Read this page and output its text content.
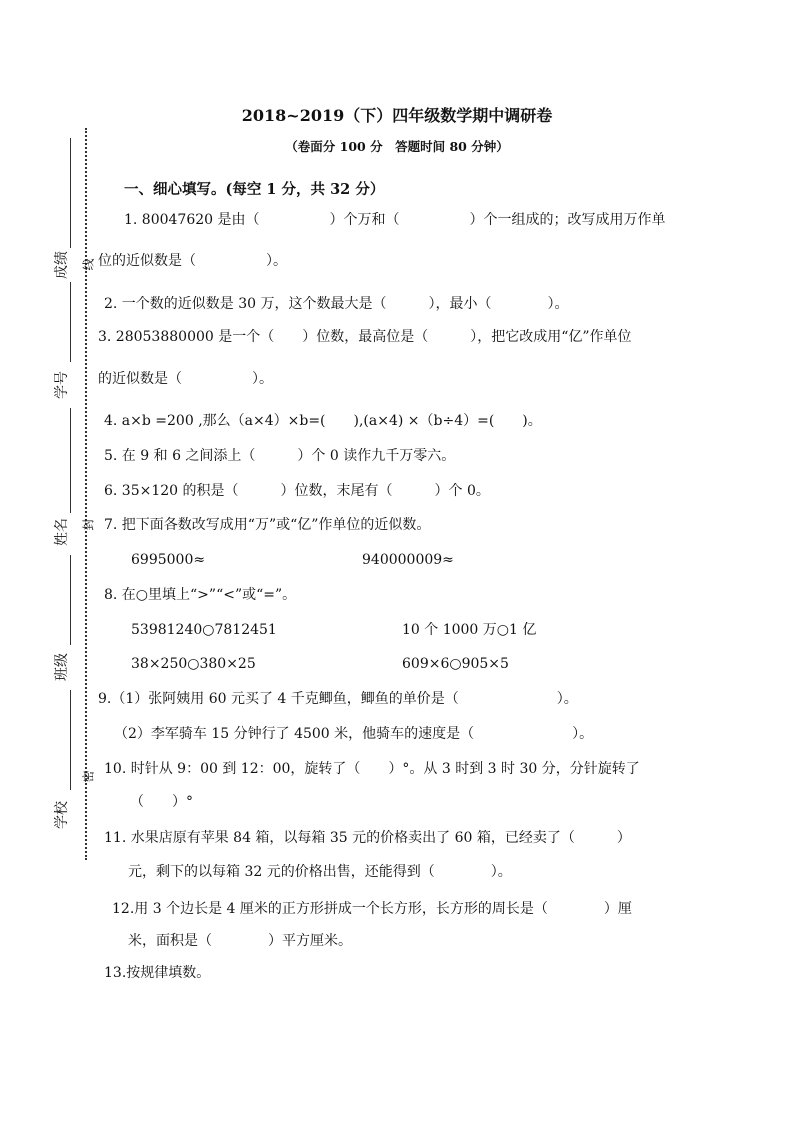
成绩
学号
姓名
班级
学校
线
封
密
2018~2019（下）四年级数学期中调研卷
（卷面分 100 分　答题时间 80 分钟）
一、细心填写。(每空 1 分，共 32 分）
1. 80047620 是由（　　　　　）个万和（　　　　　）个一组成的；改写成用万作单
位的近似数是（　　　　　）。
2. 一个数的近似数是 30 万，这个数最大是（　　　），最小（　　　　）。
3. 28053880000 是一个（　　）位数，最高位是（　　　），把它改成用“亿”作单位
的近似数是（　　　　　）。
4. a×b =200 ,那么（a×4）×b=(　　),(a×4) ×（b÷4）=(　　)。
5. 在 9 和 6 之间添上（　　　）个 0 读作九千万零六。
6. 35×120 的积是（　　　）位数，末尾有（　　　）个 0。
7. 把下面各数改写成用“万”或“亿”作单位的近似数。
6995000≈	940000009≈
8. 在○里填上“>”“<”或“=”。
53981240○7812451	10 个 1000 万○1 亿
38×250○380×25	609×6○905×5
9.（1）张阿姨用 60 元买了 4 千克鲫鱼，鲫鱼的单价是（　　　　　　　）。
（2）李军骑车 15 分钟行了 4500 米，他骑车的速度是（　　　　　　　）。
10. 时针从 9：00 到 12：00，旋转了（　　）°。从 3 时到 3 时 30 分，分针旋转了
（　　）°
11. 水果店原有苹果 84 箱，以每箱 35 元的价格卖出了 60 箱，已经卖了（　　　）
元，剩下的以每箱 32 元的价格出售，还能得到（　　　　）。
12.用 3 个边长是 4 厘米的正方形拼成一个长方形，长方形的周长是（　　　　）厘
米，面积是（　　　　）平方厘米。
13.按规律填数。
